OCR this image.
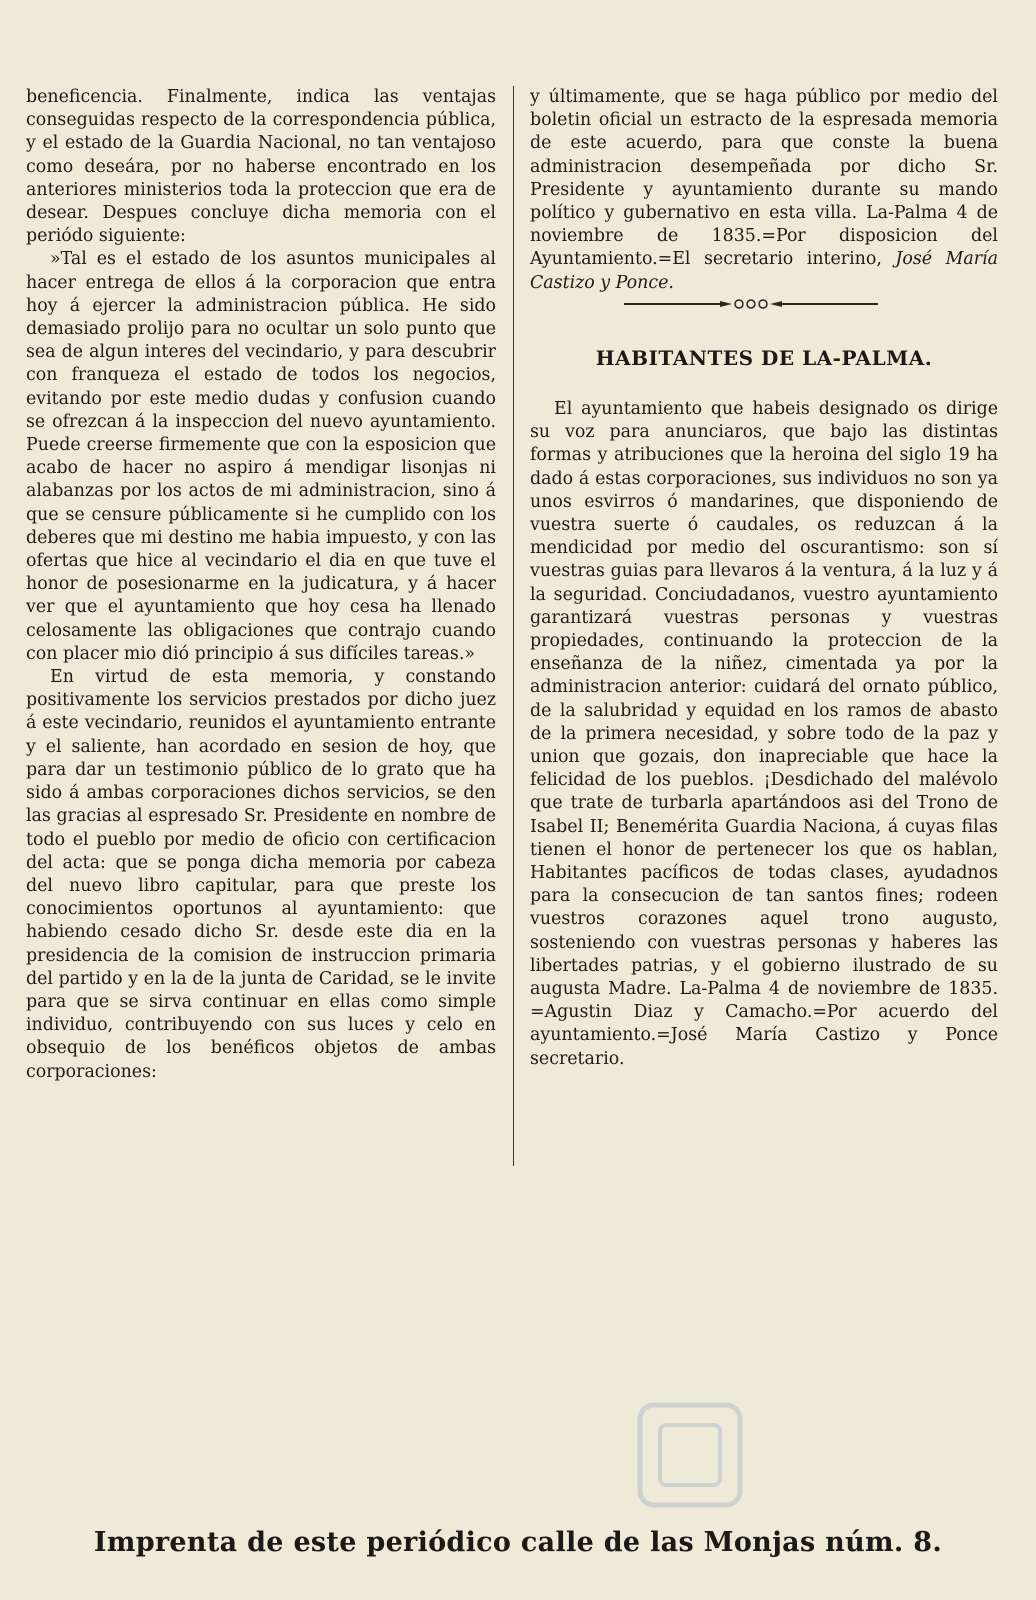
beneficencia. Finalmente, indica las ventajas conseguidas respecto de la correspondencia pública, y el estado de la Guardia Nacional, no tan ventajoso como deseára, por no haberse encontrado en los anteriores ministerios toda la proteccion que era de desear. Despues concluye dicha memoria con el periódo siguiente:

»Tal es el estado de los asuntos municipales al hacer entrega de ellos á la corporacion que entra hoy á ejercer la administracion pública. He sido demasiado prolijo para no ocultar un solo punto que sea de algun interes del vecindario, y para descubrir con franqueza el estado de todos los negocios, evitando por este medio dudas y confusion cuando se ofrezcan á la inspeccion del nuevo ayuntamiento. Puede creerse firmemente que con la esposicion que acabo de hacer no aspiro á mendigar lisonjas ni alabanzas por los actos de mi administracion, sino á que se censure públicamente si he cumplido con los deberes que mi destino me habia impuesto, y con las ofertas que hice al vecindario el dia en que tuve el honor de posesionarme en la judicatura, y á hacer ver que el ayuntamiento que hoy cesa ha llenado celosamente las obligaciones que contrajo cuando con placer mio dió principio á sus difíciles tareas.»

En virtud de esta memoria, y constando positivamente los servicios prestados por dicho juez á este vecindario, reunidos el ayuntamiento entrante y el saliente, han acordado en sesion de hoy, que para dar un testimonio público de lo grato que ha sido á ambas corporaciones dichos servicios, se den las gracias al espresado Sr. Presidente en nombre de todo el pueblo por medio de oficio con certificacion del acta: que se ponga dicha memoria por cabeza del nuevo libro capitular, para que preste los conocimientos oportunos al ayuntamiento: que habiendo cesado dicho Sr. desde este dia en la presidencia de la comision de instruccion primaria del partido y en la de la junta de Caridad, se le invite para que se sirva continuar en ellas como simple individuo, contribuyendo con sus luces y celo en obsequio de los benéficos objetos de ambas corporaciones:

y últimamente, que se haga público por medio del boletin oficial un estracto de la espresada memoria de este acuerdo, para que conste la buena administracion desempeñada por dicho Sr. Presidente y ayuntamiento durante su mando político y gubernativo en esta villa. La-Palma 4 de noviembre de 1835.=Por disposicion del Ayuntamiento.=El secretario interino, José María Castizo y Ponce.

HABITANTES DE LA-PALMA.

El ayuntamiento que habeis designado os dirige su voz para anunciaros, que bajo las distintas formas y atribuciones que la heroina del siglo 19 ha dado á estas corporaciones, sus individuos no son ya unos esvirros ó mandarines, que disponiendo de vuestra suerte ó caudales, os reduzcan á la mendicidad por medio del oscurantismo: son sí vuestras guias para llevaros á la ventura, á la luz y á la seguridad. Conciudadanos, vuestro ayuntamiento garantizará vuestras personas y vuestras propiedades, continuando la proteccion de la enseñanza de la niñez, cimentada ya por la administracion anterior: cuidará del ornato público, de la salubridad y equidad en los ramos de abasto de la primera necesidad, y sobre todo de la paz y union que gozais, don inapreciable que hace la felicidad de los pueblos. ¡Desdichado del malévolo que trate de turbarla apartándoos asi del Trono de Isabel II; Benemérita Guardia Naciona, á cuyas filas tienen el honor de pertenecer los que os hablan, Habitantes pacíficos de todas clases, ayudadnos para la consecucion de tan santos fines; rodeen vuestros corazones aquel trono augusto, sosteniendo con vuestras personas y haberes las libertades patrias, y el gobierno ilustrado de su augusta Madre. La-Palma 4 de noviembre de 1835. =Agustin Diaz y Camacho.=Por acuerdo del ayuntamiento.=José María Castizo y Ponce secretario.

Imprenta de este periódico calle de las Monjas núm. 8.
